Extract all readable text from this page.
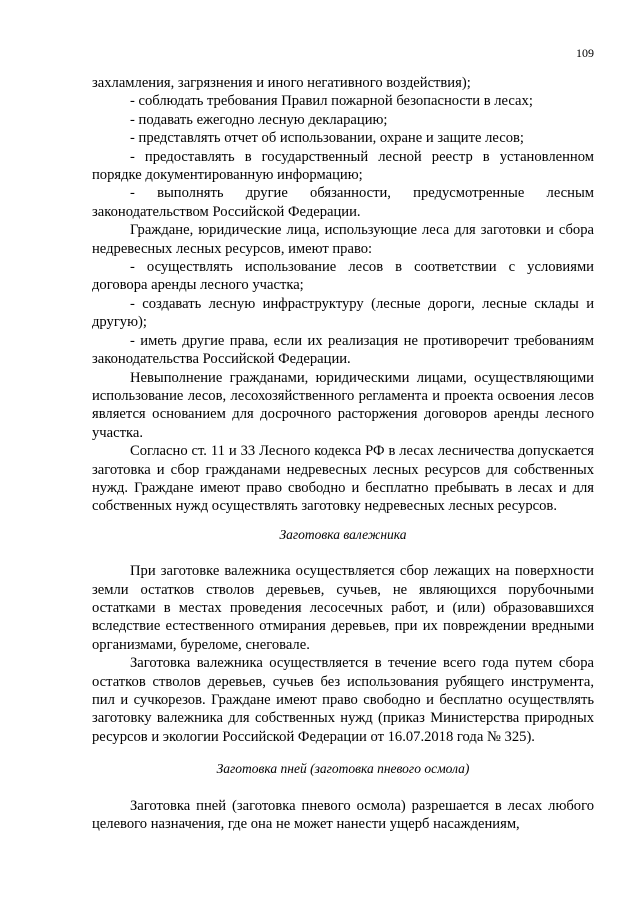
109

захламления, загрязнения и иного негативного воздействия);

- соблюдать требования Правил пожарной безопасности в лесах;

- подавать ежегодно лесную декларацию;

- представлять отчет об использовании, охране и защите лесов;

- предоставлять в государственный лесной реестр в установленном порядке документированную информацию;

- выполнять другие обязанности, предусмотренные лесным законодательством Российской Федерации.

Граждане, юридические лица, использующие леса для заготовки и сбора недревесных лесных ресурсов, имеют право:

- осуществлять использование лесов в соответствии с условиями договора аренды лесного участка;

- создавать лесную инфраструктуру (лесные дороги, лесные склады и другую);

- иметь другие права, если их реализация не противоречит требованиям законодательства Российской Федерации.

Невыполнение гражданами, юридическими лицами, осуществляющими использование лесов, лесохозяйственного регламента и проекта освоения лесов является основанием для досрочного расторжения договоров аренды лесного участка.

Согласно ст. 11 и 33 Лесного кодекса РФ в лесах лесничества допускается заготовка и сбор гражданами недревесных лесных ресурсов для собственных нужд. Граждане имеют право свободно и бесплатно пребывать в лесах и для собственных нужд осуществлять заготовку недревесных лесных ресурсов.

Заготовка валежника

При заготовке валежника осуществляется сбор лежащих на поверхности земли остатков стволов деревьев, сучьев, не являющихся порубочными остатками в местах проведения лесосечных работ, и (или) образовавшихся вследствие естественного отмирания деревьев, при их повреждении вредными организмами, буреломе, снеговале.

Заготовка валежника осуществляется в течение всего года путем сбора остатков стволов деревьев, сучьев без использования рубящего инструмента, пил и сучкорезов. Граждане имеют право свободно и бесплатно осуществлять заготовку валежника для собственных нужд (приказ Министерства природных ресурсов и экологии Российской Федерации от 16.07.2018 года № 325).

Заготовка пней (заготовка пневого осмола)

Заготовка пней (заготовка пневого осмола) разрешается в лесах любого целевого назначения, где она не может нанести ущерб насаждениям,
